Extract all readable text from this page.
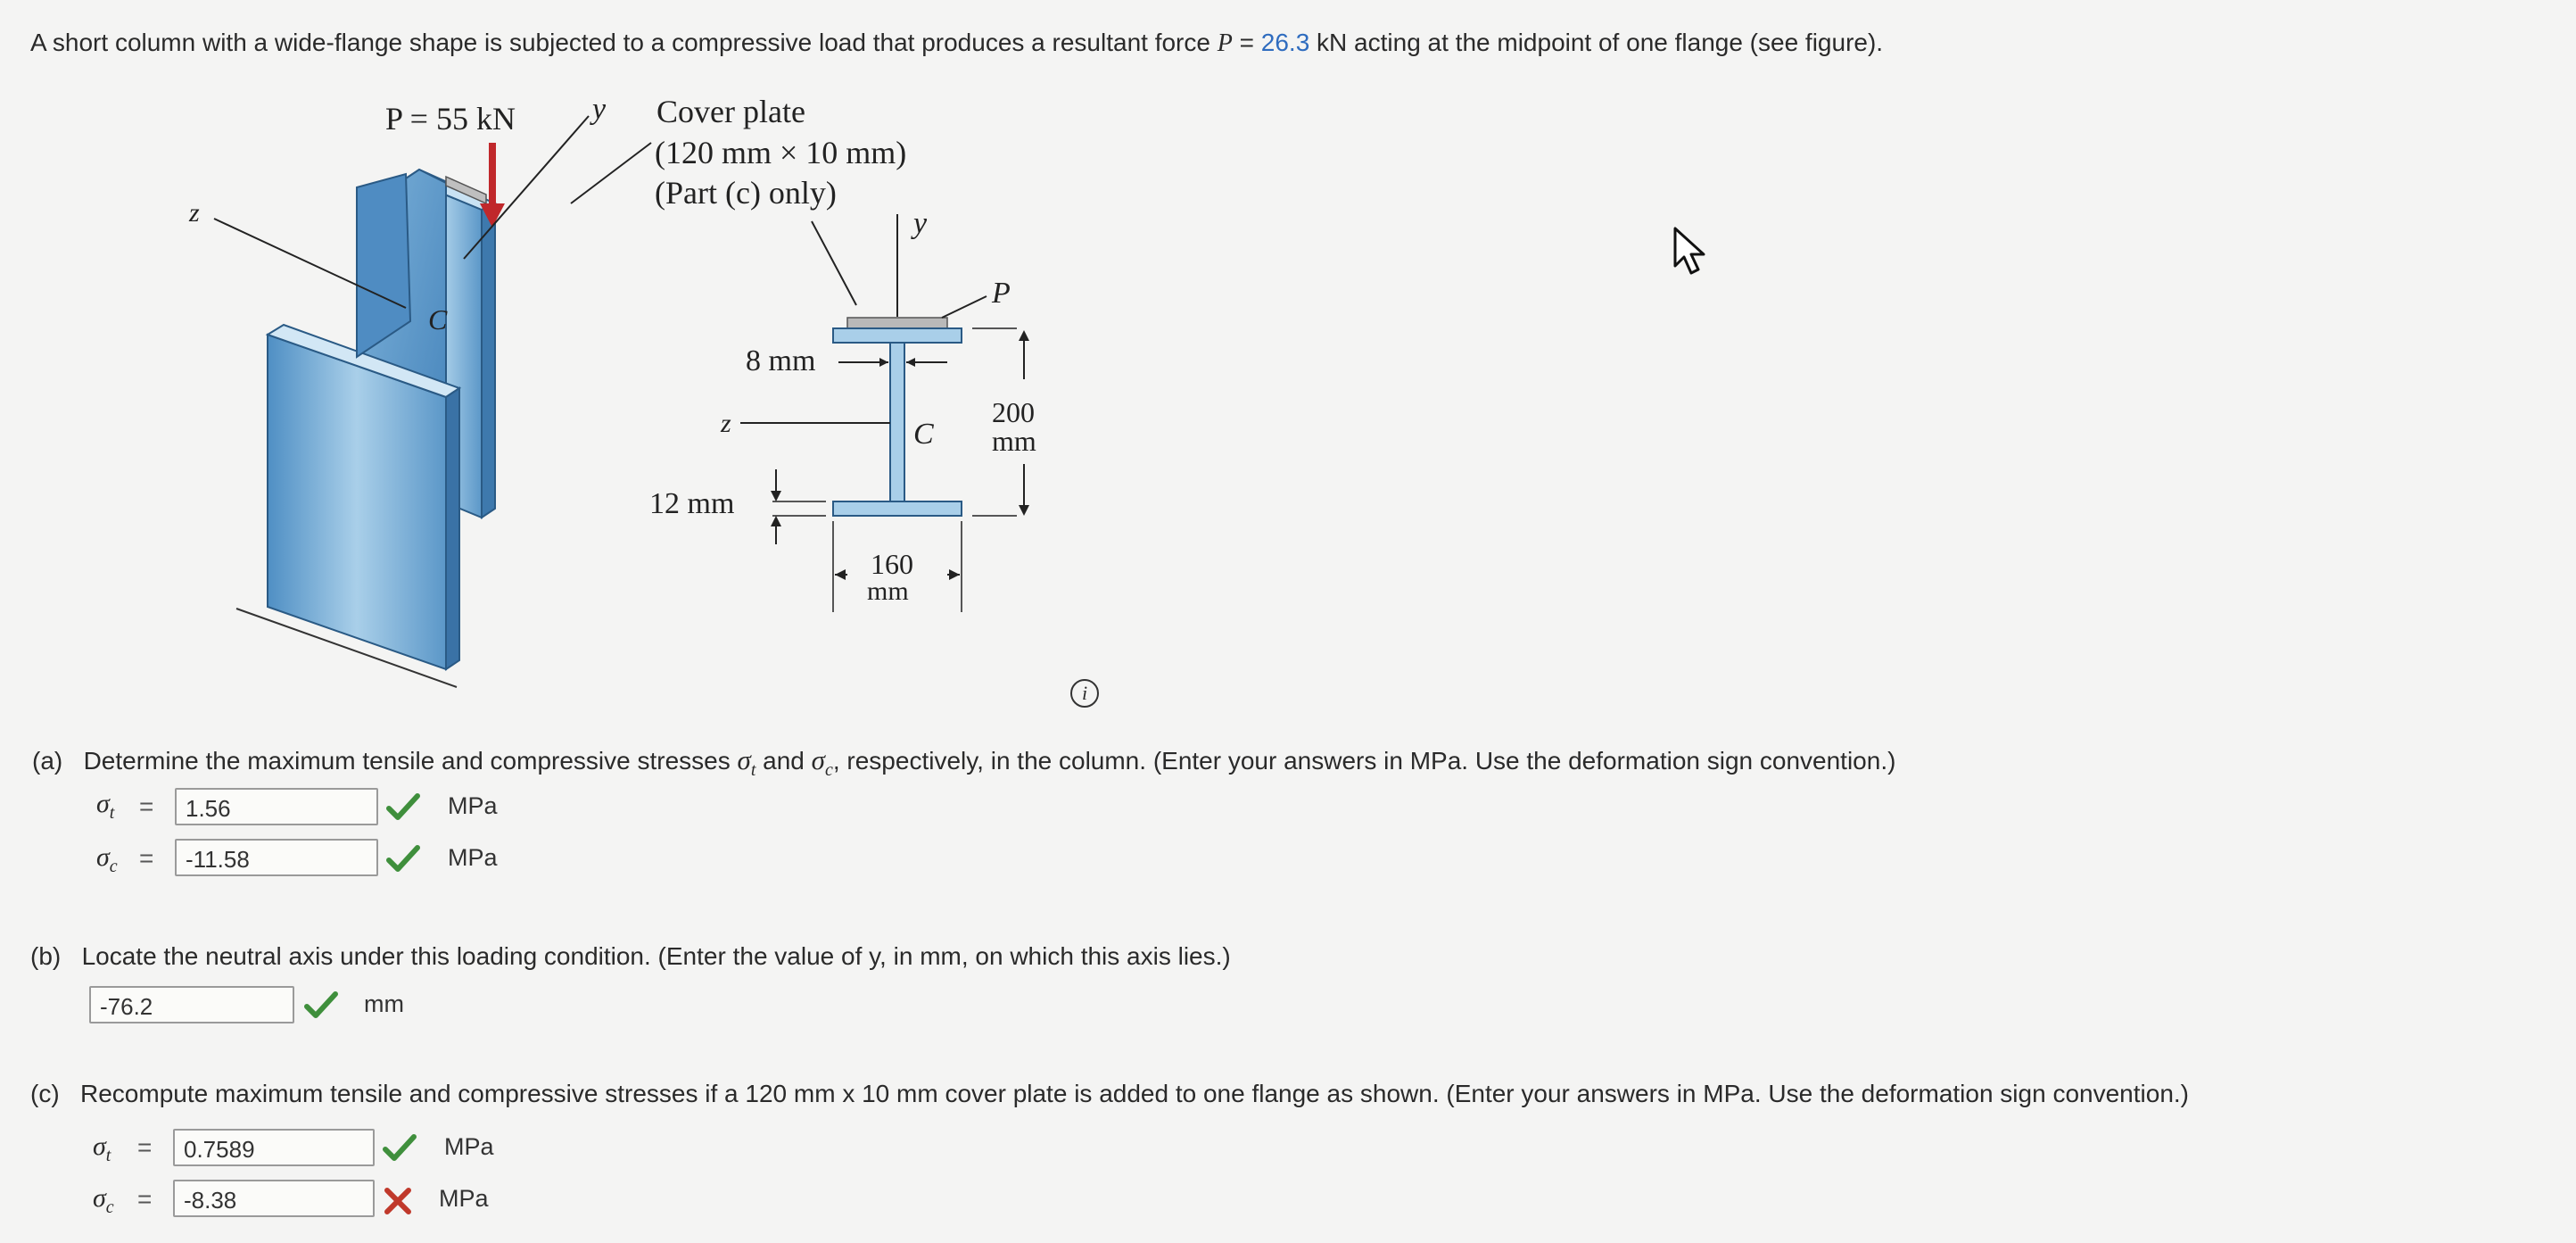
A short column with a wide-flange shape is subjected to a compressive load that produces a resultant force P = 26.3 kN acting at the midpoint of one flange (see figure).
P = 55 kN	y
z
C
Cover plate
(120 mm × 10 mm)
(Part (c) only)
y
P
8 mm
z	C
200
mm
12 mm
160
mm
i
(a) Determine the maximum tensile and compressive stresses $\sigma_t$ and $\sigma_c$, respectively, in the column. (Enter your answers in MPa. Use the deformation sign convention.)
$\sigma_t$ =	1.56	MPa
$\sigma_c$ =	-11.58	MPa
(b) Locate the neutral axis under this loading condition. (Enter the value of y, in mm, on which this axis lies.)
-76.2	mm
(c) Recompute maximum tensile and compressive stresses if a 120 mm x 10 mm cover plate is added to one flange as shown. (Enter your answers in MPa. Use the deformation sign convention.)
$\sigma_t$ =	0.7589	MPa
$\sigma_c$ =	-8.38	MPa
